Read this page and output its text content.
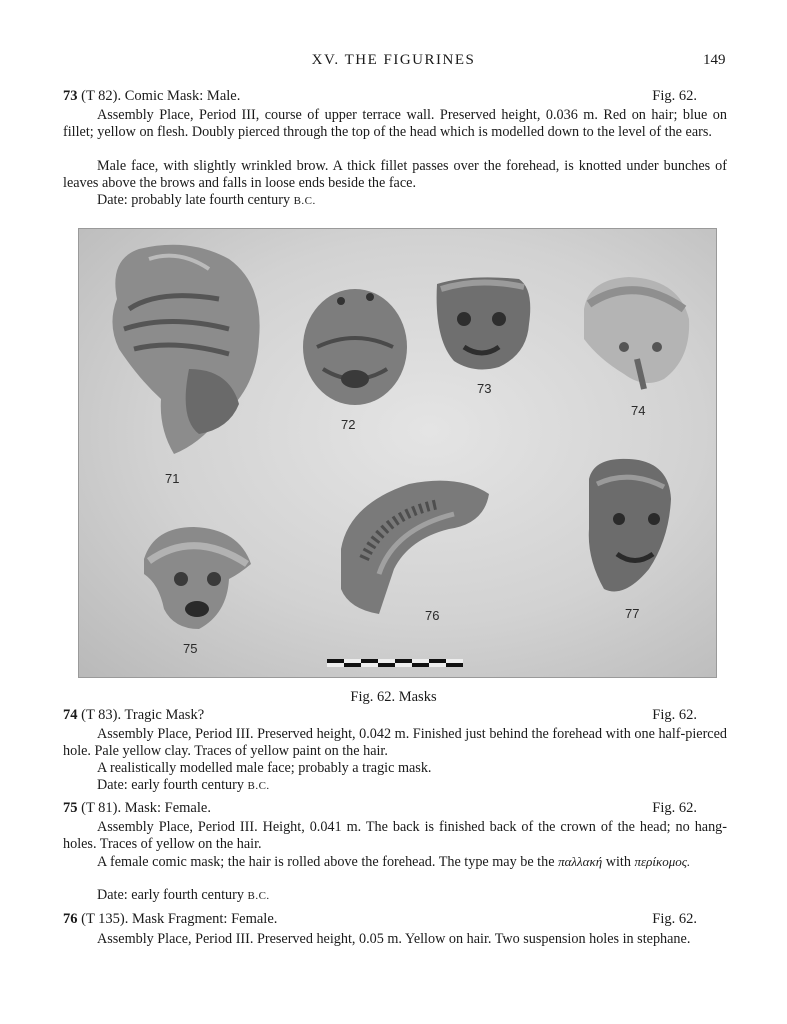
XV. THE FIGURINES	149
73 (T 82). Comic Mask: Male.	Fig. 62.

Assembly Place, Period III, course of upper terrace wall. Preserved height, 0.036 m. Red on hair; blue on fillet; yellow on flesh. Doubly pierced through the top of the head which is modelled down to the level of the ears.

Male face, with slightly wrinkled brow. A thick fillet passes over the forehead, is knotted under bunches of leaves above the brows and falls in loose ends beside the face.

Date: probably late fourth century B.C.

71
72
73
74
75
76	77
Fig. 62. Masks
74 (T 83). Tragic Mask?	Fig. 62.

Assembly Place, Period III. Preserved height, 0.042 m. Finished just behind the forehead with one half-pierced hole. Pale yellow clay. Traces of yellow paint on the hair.

A realistically modelled male face; probably a tragic mask.

Date: early fourth century B.C.

75 (T 81). Mask: Female.	Fig. 62.

Assembly Place, Period III. Height, 0.041 m. The back is finished back of the crown of the head; no hang-holes. Traces of yellow on the hair.

A female comic mask; the hair is rolled above the forehead. The type may be the παλλακή with περίκομος.

Date: early fourth century B.C.

76 (T 135). Mask Fragment: Female.	Fig. 62.

Assembly Place, Period III. Preserved height, 0.05 m. Yellow on hair. Two suspension holes in stephane.
